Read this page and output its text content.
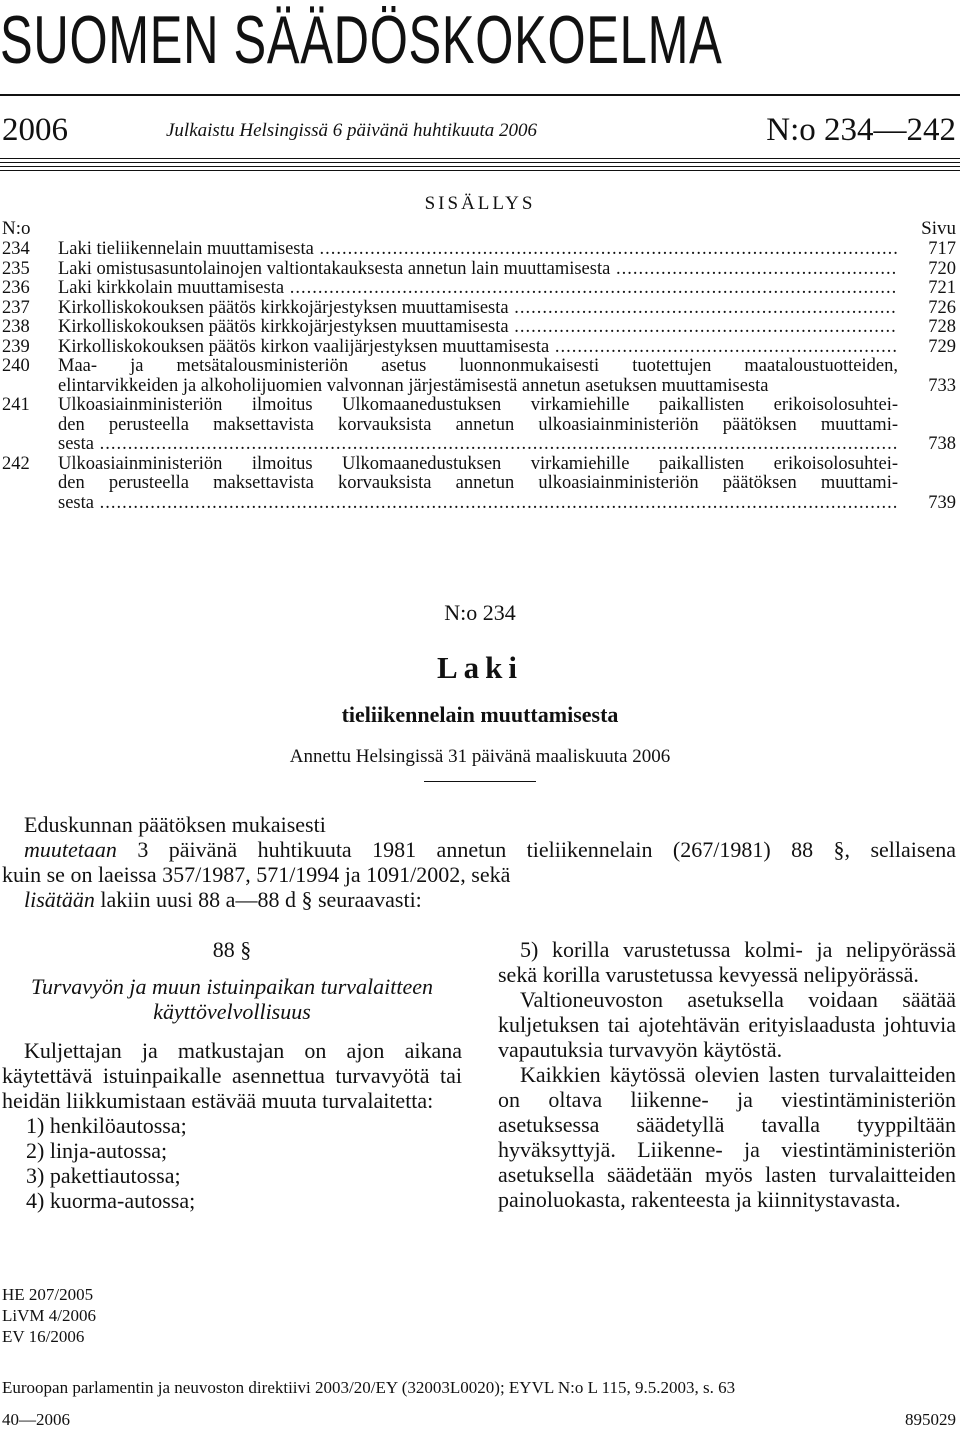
SUOMEN SÄÄDÖSKOKOELMA
2006	Julkaistu Helsingissä 6 päivänä huhtikuuta 2006	N:o 234—242
SISÄLLYS
N:o	Sivu
234	Laki tieliikennelain muuttamisesta .....	717
235	Laki omistusasuntolainojen valtiontakauksesta annetun lain muuttamisesta .....	720
236	Laki kirkkolain muuttamisesta .....	721
237	Kirkolliskokouksen päätös kirkkojärjestyksen muuttamisesta .....	726
238	Kirkolliskokouksen päätös kirkkojärjestyksen muuttamisesta .....	728
239	Kirkolliskokouksen päätös kirkon vaalijärjestyksen muuttamisesta .....	729
240	Maa- ja metsätalousministeriön asetus luonnonmukaisesti tuotettujen maataloustuotteiden,
elintarvikkeiden ja alkoholijuomien valvonnan järjestämisestä annetun asetuksen muuttamisesta	733
241	Ulkoasiainministeriön ilmoitus Ulkomaanedustuksen virkamiehille paikallisten erikoisolosuhtei-
den perusteella maksettavista korvauksista annetun ulkoasiainministeriön päätöksen muuttami-
sesta .....	738
242	Ulkoasiainministeriön ilmoitus Ulkomaanedustuksen virkamiehille paikallisten erikoisolosuhtei-
den perusteella maksettavista korvauksista annetun ulkoasiainministeriön päätöksen muuttami-
sesta .....	739
N:o 234
Laki
tieliikennelain muuttamisesta
Annettu Helsingissä 31 päivänä maaliskuuta 2006
Eduskunnan päätöksen mukaisesti
muutetaan 3 päivänä huhtikuuta 1981 annetun tieliikennelain (267/1981) 88 §, sellaisena
kuin se on laeissa 357/1987, 571/1994 ja 1091/2002, sekä
lisätään lakiin uusi 88 a—88 d § seuraavasti:
88 §
Turvavyön ja muun istuinpaikan turvalaitteen
käyttövelvollisuus

Kuljettajan ja matkustajan on ajon aikana käytettävä istuinpaikalle asennettua turvavyötä tai heidän liikkumistaan estävää muuta turvalaitetta:

1) henkilöautossa;
2) linja-autossa;
3) pakettiautossa;
4) kuorma-autossa;

5) korilla varustetussa kolmi- ja nelipyörässä sekä korilla varustetussa kevyessä nelipyörässä.

Valtioneuvoston asetuksella voidaan säätää kuljetuksen tai ajotehtävän erityislaadusta johtuvia vapautuksia turvavyön käytöstä.

Kaikkien käytössä olevien lasten turvalaitteiden on oltava liikenne- ja viestintäministeriön asetuksessa säädetyllä tavalla tyyppiltään hyväksyttyjä. Liikenne- ja viestintäministeriön asetuksella säädetään myös lasten turvalaitteiden painoluokasta, rakenteesta ja kiinnitystavasta.

HE 207/2005
LiVM 4/2006
EV 16/2006
Euroopan parlamentin ja neuvoston direktiivi 2003/20/EY (32003L0020); EYVL N:o L 115, 9.5.2003, s. 63
40—2006	895029
